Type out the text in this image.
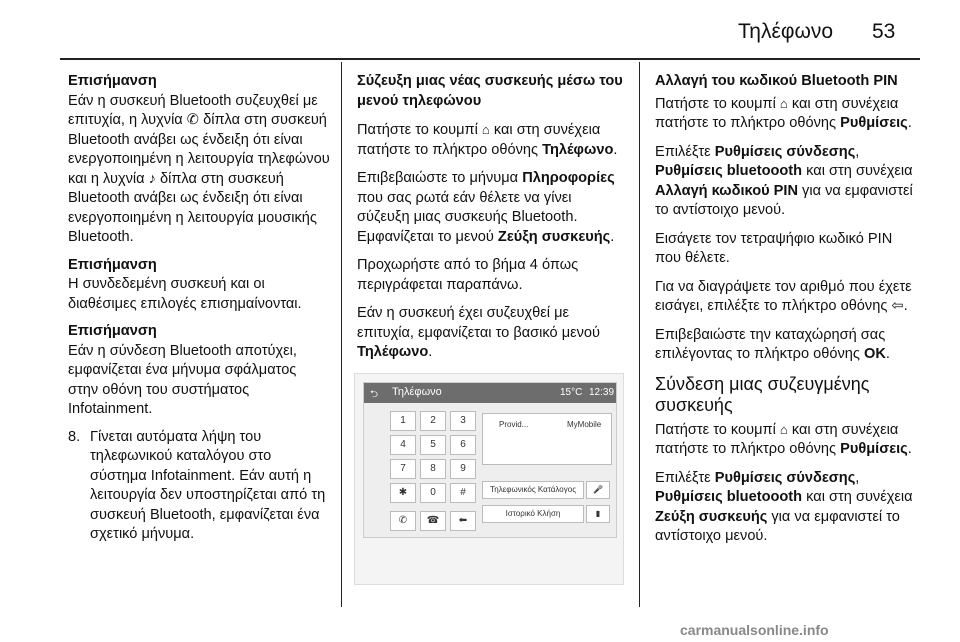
Τηλέφωνο 53
Επισήμανση
Εάν η συσκευή Bluetooth συζευχθεί με επιτυχία, η λυχνία ✆ δίπλα στη συσκευή Bluetooth ανάβει ως ένδειξη ότι είναι ενεργοποιημένη η λειτουργία τηλεφώνου και η λυχνία ♪ δίπλα στη συσκευή Bluetooth ανάβει ως ένδειξη ότι είναι ενεργοποιημένη η λειτουργία μουσικής Bluetooth.
Επισήμανση
Η συνδεδεμένη συσκευή και οι διαθέσιμες επιλογές επισημαίνονται.
Επισήμανση
Εάν η σύνδεση Bluetooth αποτύχει, εμφανίζεται ένα μήνυμα σφάλματος στην οθόνη του συστήματος Infotainment.
8. Γίνεται αυτόματα λήψη του τηλεφωνικού καταλόγου στο σύστημα Infotainment. Εάν αυτή η λειτουργία δεν υποστηρίζεται από τη συσκευή Bluetooth, εμφανίζεται ένα σχετικό μήνυμα.

Σύζευξη μιας νέας συσκευής μέσω του μενού τηλεφώνου

Πατήστε το κουμπί ⌂ και στη συνέχεια πατήστε το πλήκτρο οθόνης Τηλέφωνο.

Επιβεβαιώστε το μήνυμα Πληροφορίες που σας ρωτά εάν θέλετε να γίνει σύζευξη μιας συσκευής Bluetooth. Εμφανίζεται το μενού Ζεύξη συσκευής.

Προχωρήστε από το βήμα 4 όπως περιγράφεται παραπάνω.

Εάν η συσκευή έχει συζευχθεί με επιτυχία, εμφανίζεται το βασικό μενού Τηλέφωνο.

⮌ Τηλέφωνο	15°C 12:39
1	2	3
4	5	6
7	8	9
✱	0	#
✆	☎	⬅
Provid...	MyMobile
Τηλεφωνικός Κατάλογος	🎤
Ιστορικό Κλήση	▮

Αλλαγή του κωδικού Bluetooth PIN

Πατήστε το κουμπί ⌂ και στη συνέχεια πατήστε το πλήκτρο οθόνης Ρυθμίσεις.

Επιλέξτε Ρυθμίσεις σύνδεσης, Ρυθμίσεις bluetoooth και στη συνέχεια Αλλαγή κωδικού PIN για να εμφανιστεί το αντίστοιχο μενού.

Εισάγετε τον τετραψήφιο κωδικό PIN που θέλετε.

Για να διαγράψετε τον αριθμό που έχετε εισάγει, επιλέξτε το πλήκτρο οθόνης ⇦.

Επιβεβαιώστε την καταχώρησή σας επιλέγοντας το πλήκτρο οθόνης OK.

Σύνδεση μιας συζευγμένης συσκευής

Πατήστε το κουμπί ⌂ και στη συνέχεια πατήστε το πλήκτρο οθόνης Ρυθμίσεις.

Επιλέξτε Ρυθμίσεις σύνδεσης, Ρυθμίσεις bluetoooth και στη συνέχεια Ζεύξη συσκευής για να εμφανιστεί το αντίστοιχο μενού.

carmanualsonline.info
